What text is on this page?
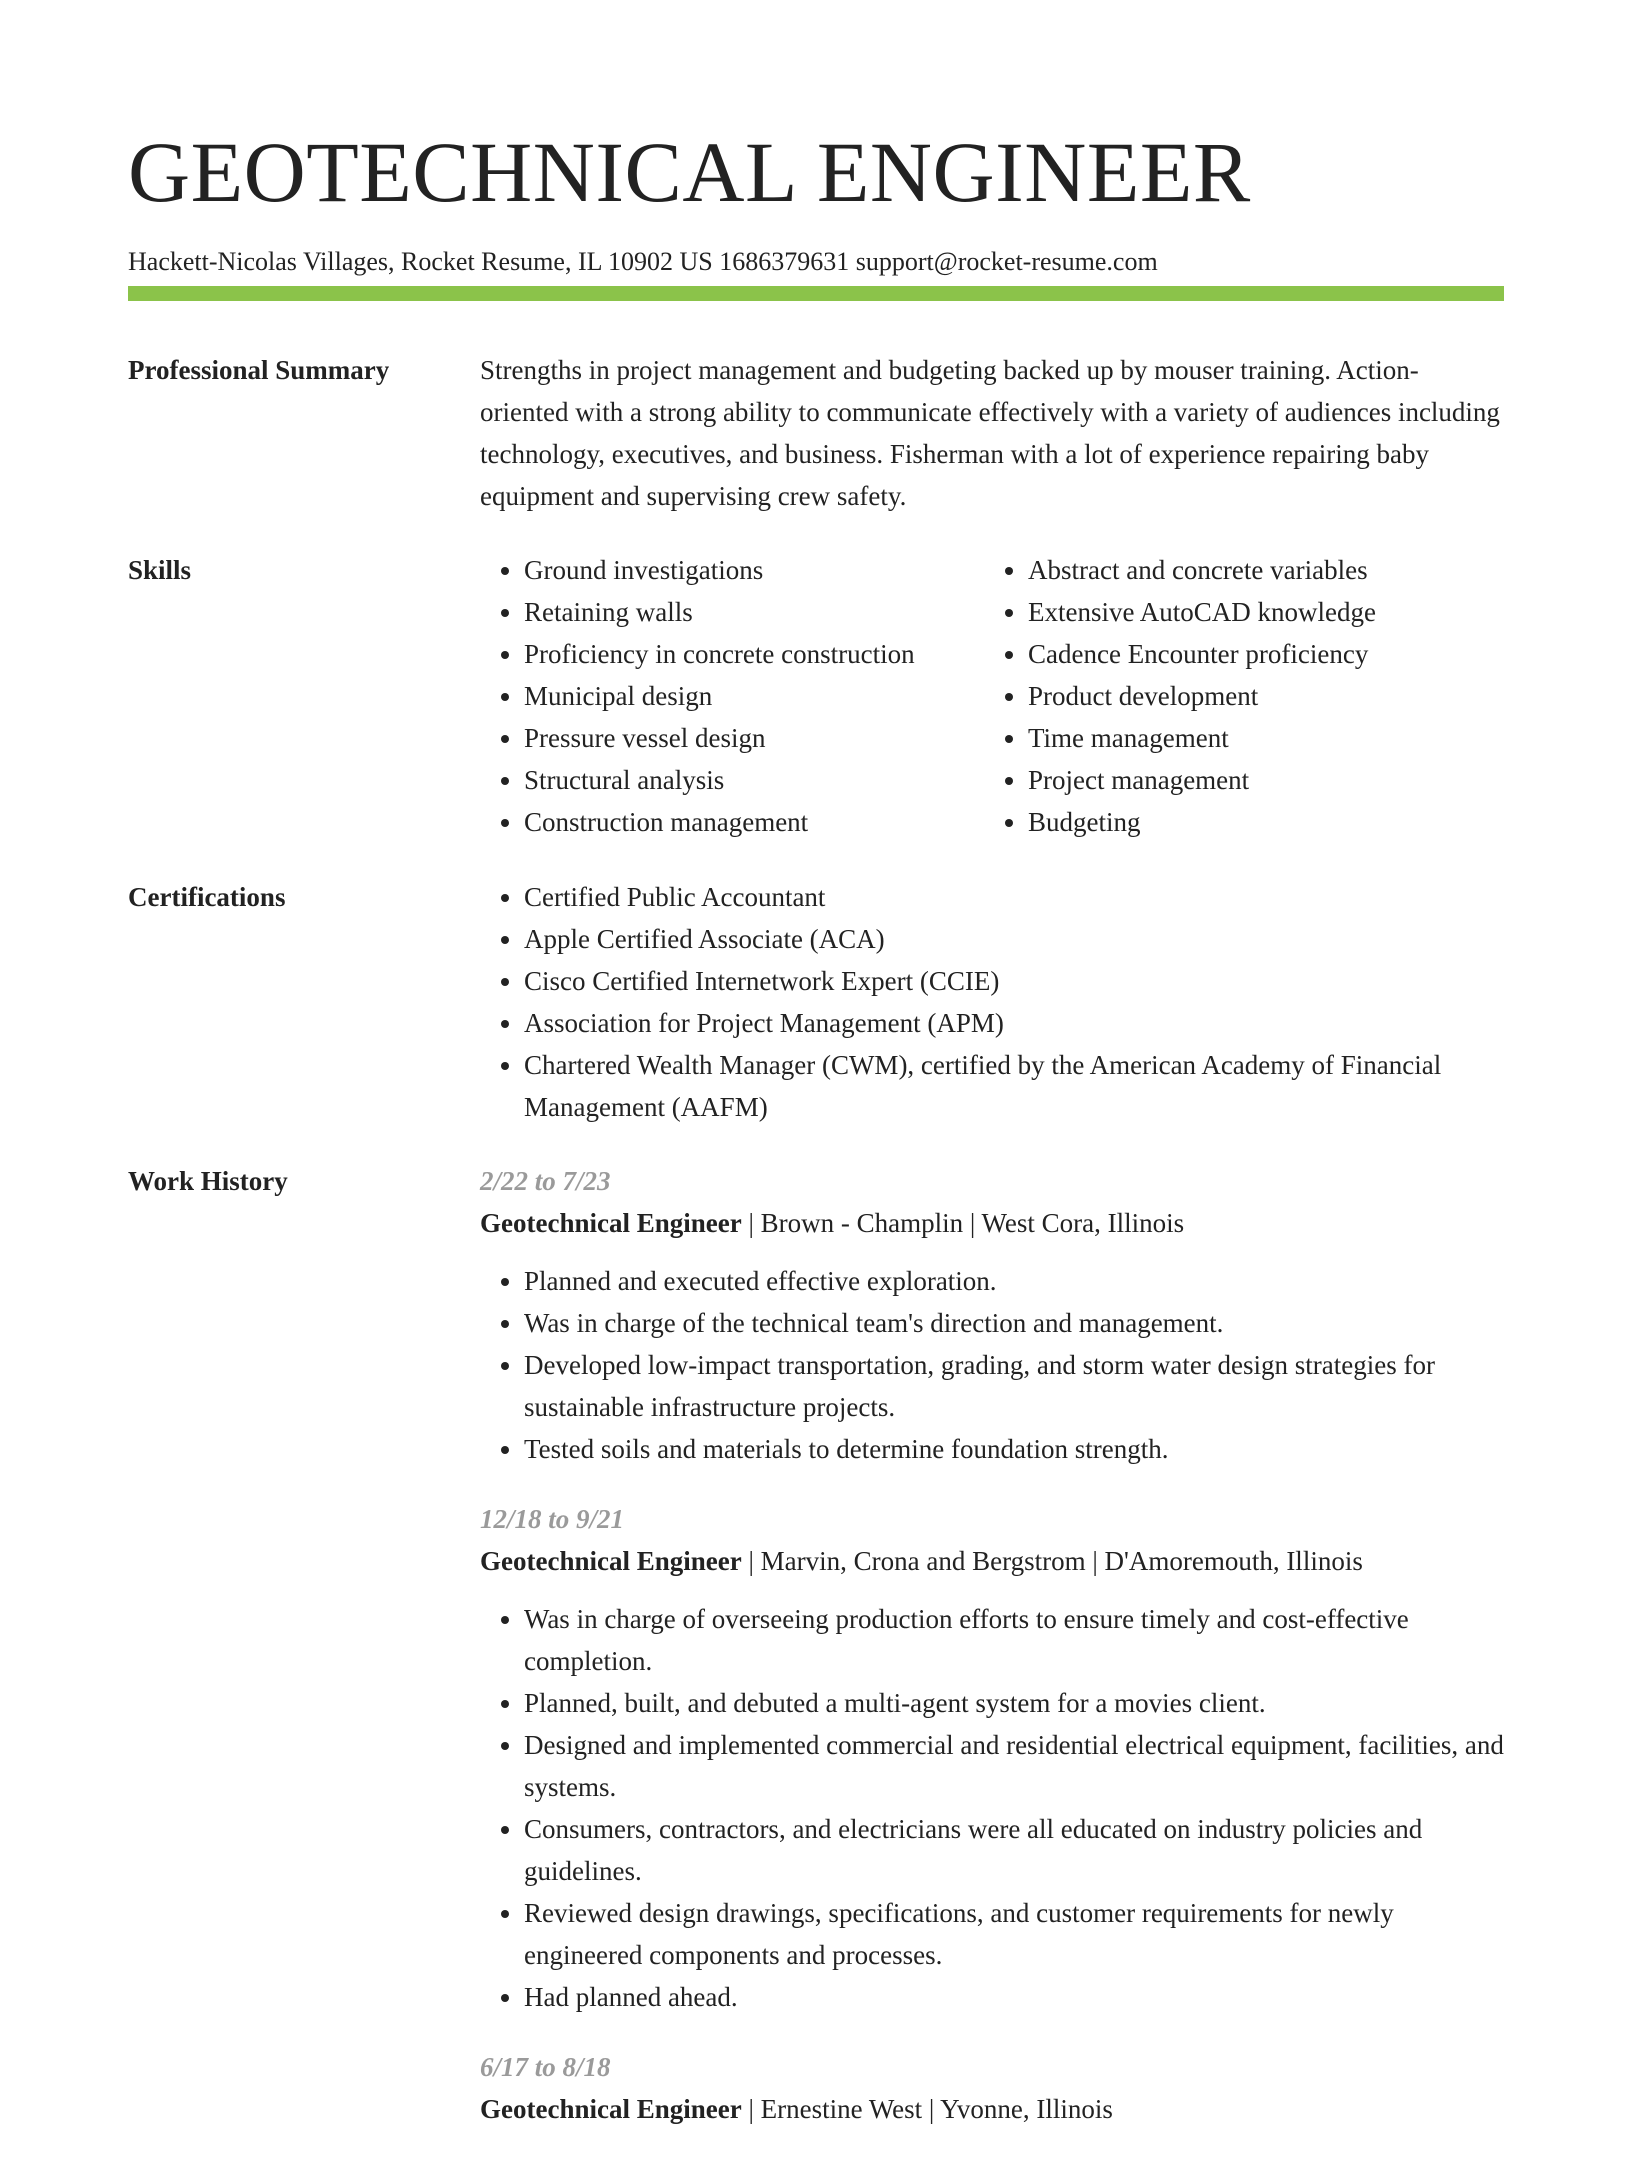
GEOTECHNICAL ENGINEER
Hackett-Nicolas Villages, Rocket Resume, IL 10902 US 1686379631 support@rocket-resume.com
Professional Summary	Strengths in project management and budgeting backed up by mouser training. Action-oriented with a strong ability to communicate effectively with a variety of audiences including technology, executives, and business. Fisherman with a lot of experience repairing baby equipment and supervising crew safety.

Skills	• Ground investigations
• Retaining walls
• Proficiency in concrete construction
• Municipal design
• Pressure vessel design
• Structural analysis
• Construction management
• Abstract and concrete variables
• Extensive AutoCAD knowledge
• Cadence Encounter proficiency
• Product development
• Time management
• Project management
• Budgeting
Certifications	• Certified Public Accountant
• Apple Certified Associate (ACA)
• Cisco Certified Internetwork Expert (CCIE)
• Association for Project Management (APM)
• Chartered Wealth Manager (CWM), certified by the American Academy of Financial Management (AAFM)
Work History	2/22 to 7/23
Geotechnical Engineer | Brown - Champlin | West Cora, Illinois
• Planned and executed effective exploration.
• Was in charge of the technical team's direction and management.
• Developed low-impact transportation, grading, and storm water design strategies for sustainable infrastructure projects.
• Tested soils and materials to determine foundation strength.
12/18 to 9/21
Geotechnical Engineer | Marvin, Crona and Bergstrom | D'Amoremouth, Illinois
• Was in charge of overseeing production efforts to ensure timely and cost-effective completion.
• Planned, built, and debuted a multi-agent system for a movies client.
• Designed and implemented commercial and residential electrical equipment, facilities, and systems.
• Consumers, contractors, and electricians were all educated on industry policies and guidelines.
• Reviewed design drawings, specifications, and customer requirements for newly engineered components and processes.
• Had planned ahead.
6/17 to 8/18
Geotechnical Engineer | Ernestine West | Yvonne, Illinois
